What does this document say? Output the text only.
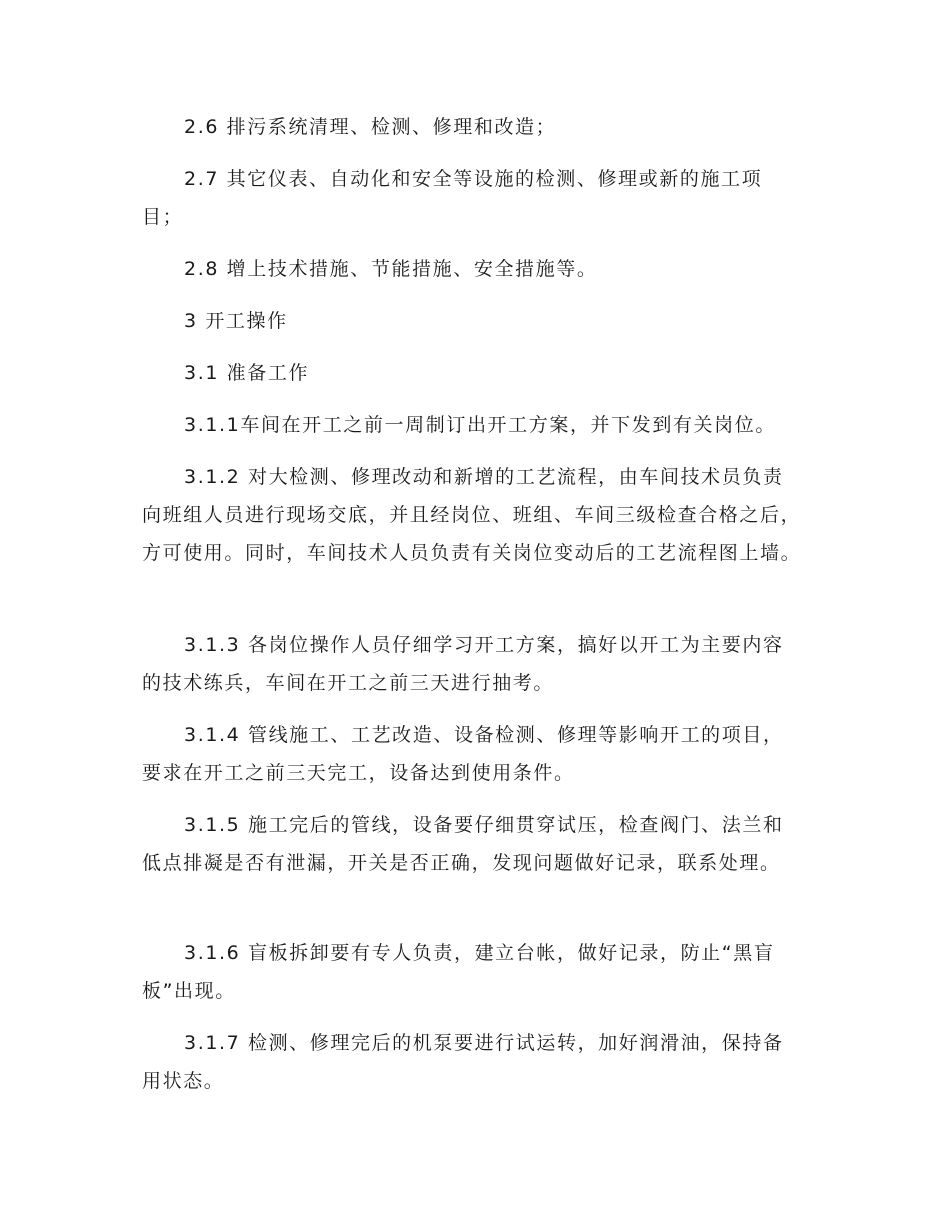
2.6 排污系统清理、检测、修理和改造；

2.7 其它仪表、自动化和安全等设施的检测、修理或新的施工项目；

2.8 增上技术措施、节能措施、安全措施等。

3 开工操作

3.1 准备工作

3.1.1车间在开工之前一周制订出开工方案，并下发到有关岗位。

3.1.2 对大检测、修理改动和新增的工艺流程，由车间技术员负责向班组人员进行现场交底，并且经岗位、班组、车间三级检查合格之后，方可使用。同时，车间技术人员负责有关岗位变动后的工艺流程图上墙。

3.1.3 各岗位操作人员仔细学习开工方案，搞好以开工为主要内容的技术练兵，车间在开工之前三天进行抽考。

3.1.4 管线施工、工艺改造、设备检测、修理等影响开工的项目，要求在开工之前三天完工，设备达到使用条件。

3.1.5 施工完后的管线，设备要仔细贯穿试压，检查阀门、法兰和低点排凝是否有泄漏，开关是否正确，发现问题做好记录，联系处理。

3.1.6 盲板拆卸要有专人负责，建立台帐，做好记录，防止“黑盲板”出现。

3.1.7 检测、修理完后的机泵要进行试运转，加好润滑油，保持备用状态。
